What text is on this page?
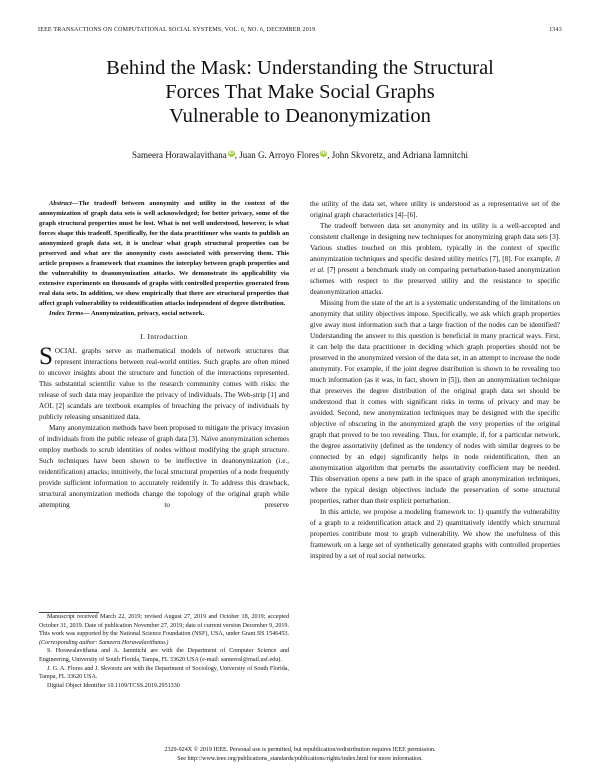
IEEE TRANSACTIONS ON COMPUTATIONAL SOCIAL SYSTEMS, VOL. 6, NO. 6, DECEMBER 2019	1343
Behind the Mask: Understanding the Structural
Forces That Make Social Graphs
Vulnerable to Deanonymization
Sameera Horawalavithana iD, Juan G. Arroyo Flores iD, John Skvoretz, and Adriana Iamnitchi

Abstract—The tradeoff between anonymity and utility in the context of the anonymization of graph data sets is well acknowledged; for better privacy, some of the graph structural properties must be lost. What is not well understood, however, is what forces shape this tradeoff. Specifically, for the data practitioner who wants to publish an anonymized graph data set, it is unclear what graph structural properties can be preserved and what are the anonymity costs associated with preserving them. This article proposes a framework that examines the interplay between graph properties and the vulnerability to deanonymization attacks. We demonstrate its applicability via extensive experiments on thousands of graphs with controlled properties generated from real data sets. In addition, we show empirically that there are structural properties that affect graph vulnerability to reidentification attacks independent of degree distribution.

Index Terms— Anonymization, privacy, social network.

I. Introduction

SOCIAL graphs serve as mathematical models of network structures that represent interactions between real-world entities. Such graphs are often mined to uncover insights about the structure and function of the interactions represented. This substantial scientific value to the research community comes with risks: the release of such data may jeopardize the privacy of individuals. The Web-strip [1] and AOL [2] scandals are textbook examples of breaching the privacy of individuals by publicly releasing unsanitized data.

Many anonymization methods have been proposed to mitigate the privacy invasion of individuals from the public release of graph data [3]. Naïve anonymization schemes employ methods to scrub identities of nodes without modifying the graph structure. Such techniques have been shown to be ineffective in deanonymization (i.e., reidentification) attacks; intuitively, the local structural properties of a node frequently provide sufficient information to accurately reidentify it. To address this drawback, structural anonymization methods change the topology of the original graph while attempting to preserve

Manuscript received March 22, 2019; revised August 27, 2019 and October 18, 2019; accepted October 31, 2019. Date of publication November 27, 2019; date of current version December 9, 2019. This work was supported by the National Science Foundation (NSF), USA, under Grant IIS 1546453. (Corresponding author: Sameera Horawalavithana.)

S. Horawalavithana and A. Iamnitchi are with the Department of Computer Science and Engineering, University of South Florida, Tampa, FL 33620 USA (e-mail: sameeral@mail.usf.edu).

J. G. A. Flores and J. Skvoretz are with the Department of Sociology, University of South Florida, Tampa, FL 33620 USA.

Digital Object Identifier 10.1109/TCSS.2019.2951330

the utility of the data set, where utility is understood as a representative set of the original graph characteristics [4]–[6].

The tradeoff between data set anonymity and its utility is a well-accepted and consistent challenge in designing new techniques for anonymizing graph data sets [3]. Various studies touched on this problem, typically in the context of specific anonymization techniques and specific desired utility metrics [7], [8]. For example, Ji et al. [7] present a benchmark study on comparing perturbation-based anonymization schemes with respect to the preserved utility and the resistance to specific deanonymization attacks.

Missing from the state of the art is a systematic understanding of the limitations on anonymity that utility objectives impose. Specifically, we ask which graph properties give away most information such that a large fraction of the nodes can be identified? Understanding the answer to this question is beneficial in many practical ways. First, it can help the data practitioner in deciding which graph properties should not be preserved in the anonymized version of the data set, in an attempt to increase the node anonymity. For example, if the joint degree distribution is shown to be revealing too much information (as it was, in fact, shown in [5]), then an anonymization technique that preserves the degree distribution of the original graph data set should be understood that it comes with significant risks in terms of privacy and may be avoided. Second, new anonymization techniques may be designed with the specific objective of obscuring in the anonymized graph the very properties of the original graph that proved to be too revealing. Thus, for example, if, for a particular network, the degree assortativity (defined as the tendency of nodes with similar degrees to be connected by an edge) significantly helps in node reidentification, then an anonymization algorithm that perturbs the assortativity coefficient may be needed. This observation opens a new path in the space of graph anonymization techniques, where the typical design objectives include the preservation of some structural properties, rather than their explicit perturbation.

In this article, we propose a modeling framework to: 1) quantify the vulnerability of a graph to a reidentification attack and 2) quantitatively identify which structural properties contribute most to graph vulnerability. We show the usefulness of this framework on a large set of synthetically generated graphs with controlled properties inspired by a set of real social networks.

2329-924X © 2019 IEEE. Personal use is permitted, but republication/redistribution requires IEEE permission.
See http://www.ieee.org/publications_standards/publications/rights/index.html for more information.
